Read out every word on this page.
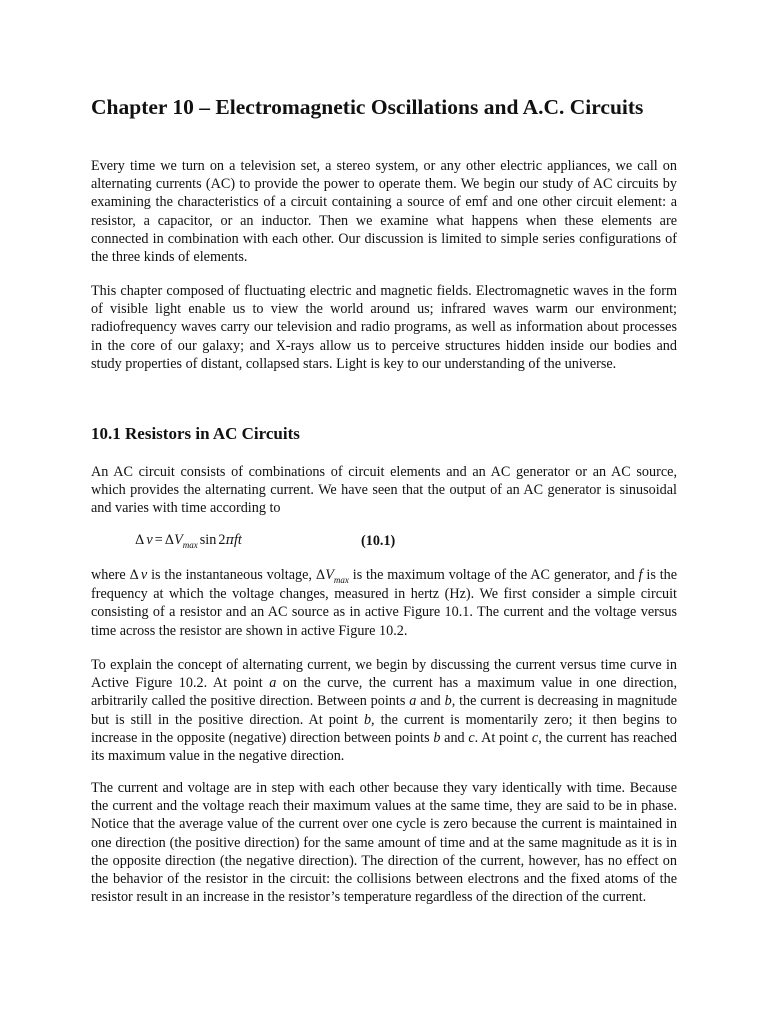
Chapter 10 – Electromagnetic Oscillations and A.C. Circuits

Every time we turn on a television set, a stereo system, or any other electric appliances, we call on alternating currents (AC) to provide the power to operate them. We begin our study of AC circuits by examining the characteristics of a circuit containing a source of emf and one other circuit element: a resistor, a capacitor, or an inductor. Then we examine what happens when these elements are connected in combination with each other. Our discussion is limited to simple series configurations of the three kinds of elements.

This chapter composed of fluctuating electric and magnetic fields. Electromagnetic waves in the form of visible light enable us to view the world around us; infrared waves warm our environment; radiofrequency waves carry our television and radio programs, as well as information about processes in the core of our galaxy; and X-rays allow us to perceive structures hidden inside our bodies and study properties of distant, collapsed stars. Light is key to our understanding of the universe.

10.1 Resistors in AC Circuits

An AC circuit consists of combinations of circuit elements and an AC generator or an AC source, which provides the alternating current. We have seen that the output of an AC generator is sinusoidal and varies with time according to

Δ $v = \Delta V_{max}$ sin 2πft	(10.1)

where Δ v is the instantaneous voltage, $\Delta V_{max}$ is the maximum voltage of the AC generator, and f is the frequency at which the voltage changes, measured in hertz (Hz). We first consider a simple circuit consisting of a resistor and an AC source as in active Figure 10.1. The current and the voltage versus time across the resistor are shown in active Figure 10.2.

To explain the concept of alternating current, we begin by discussing the current versus time curve in Active Figure 10.2. At point a on the curve, the current has a maximum value in one direction, arbitrarily called the positive direction. Between points a and b, the current is decreasing in magnitude but is still in the positive direction. At point b, the current is momentarily zero; it then begins to increase in the opposite (negative) direction between points b and c. At point c, the current has reached its maximum value in the negative direction.

The current and voltage are in step with each other because they vary identically with time. Because the current and the voltage reach their maximum values at the same time, they are said to be in phase. Notice that the average value of the current over one cycle is zero because the current is maintained in one direction (the positive direction) for the same amount of time and at the same magnitude as it is in the opposite direction (the negative direction). The direction of the current, however, has no effect on the behavior of the resistor in the circuit: the collisions between electrons and the fixed atoms of the resistor result in an increase in the resistor’s temperature regardless of the direction of the current.
